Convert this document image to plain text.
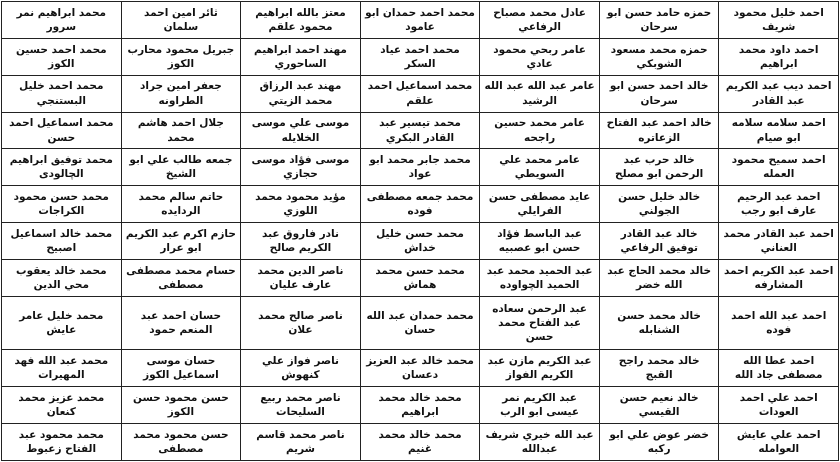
احمد خليل محمود شريف	حمزه حامد حسن ابو سرحان	عادل محمد مصباح الرفاعي	محمد احمد حمدان ابو عامود	معتز بالله ابراهيم محمود علقم	ثائر امين احمد سلمان	محمد ابراهيم نمر سرور
احمد داود محمد ابراهيم	حمزه محمد مسعود الشوبكي	عامر ربحي محمود عادي	محمد احمد عياد السكر	مهند احمد ابراهيم الساحوري	جبريل محمود محارب الكوز	محمد احمد حسين الكوز
احمد ديب عبد الكريم عبد القادر	خالد احمد حسن ابو سرحان	عامر عبد الله عبد الله الرشيد	محمد اسماعيل احمد علقم	مهند عبد الرزاق محمد الزيتي	جعفر امين جراد الطراونه	محمد احمد خليل البستنجي
احمد سلامه سلامه ابو صيام	خالد احمد عبد الفتاح الزعاتره	عامر محمد حسين راجحه	محمد تيسير عبد القادر البكري	موسى علي موسى الخلايله	جلال احمد هاشم محمد	محمد اسماعيل احمد حسن
احمد سميح محمود العمله	خالد حرب عبد الرحمن ابو مصلح	عامر محمد علي السويطي	محمد جابر محمد ابو عواد	موسى فؤاد موسى حجازي	جمعه طالب علي ابو الشيخ	محمد توفيق ابراهيم الچالودى
احمد عبد الرحيم عارف ابو رجب	خالد خليل حسن الجولني	عايد مصطفى حسن الفرايلي	محمد جمعه مصطفى فوده	مؤيد محمود محمد اللوزي	حاتم سالم محمد الردايده	محمد حسن محمود الكراجات
احمد عبد القادر محمد العناني	خالد عبد القادر توفيق الرفاعي	عبد الباسط فؤاد حسن ابو عصبيه	محمد حسن خليل خداش	نادر فاروق عبد الكريم صالح	حازم اكرم عبد الكريم ابو عرار	محمد خالد اسماعيل اصبيح
احمد عبد الكريم احمد المشارفه	خالد محمد الحاج عبد الله خضر	عبد الحميد محمد عبد الحميد الچواوده	محمد حسن محمد هماش	ناصر الدين محمد عارف عليان	حسام محمد مصطفى مصطفى	محمد خالد يعقوب محي الدين
احمد عبد الله احمد فوده	خالد محمد حسن الشنابله	عبد الرحمن سعاده عبد الفتاح محمد حسن	محمد حمدان عبد الله حسان	ناصر صالح محمد علان	حسان احمد عبد المنعم حمود	محمد خليل عامر عايش
احمد عطا الله مصطفى جاد الله	خالد محمد راجح القبج	عبد الكريم مازن عبد الكريم الفواز	محمد خالد عبد العزيز دعسان	ناصر فواز علي كنهوش	حسان موسى اسماعيل الكوز	محمد عبد الله فهد المهيرات
احمد علي احمد العودات	خالد نعيم حسن القيسي	عبد الكريم نمر عيسى ابو الرب	محمد خالد محمد ابراهيم	ناصر محمد ربيع السليحات	حسن محمود حسن الكوز	محمد عزيز محمد كنعان
احمد علي عايش العوامله	خضر عوض علي ابو ركبه	عبد الله خيري شريف عبدالله	محمد خالد محمد غنيم	ناصر محمد قاسم شريم	حسن محمود محمد مصطفى	محمد محمود عبد الفتاح زعبوط
